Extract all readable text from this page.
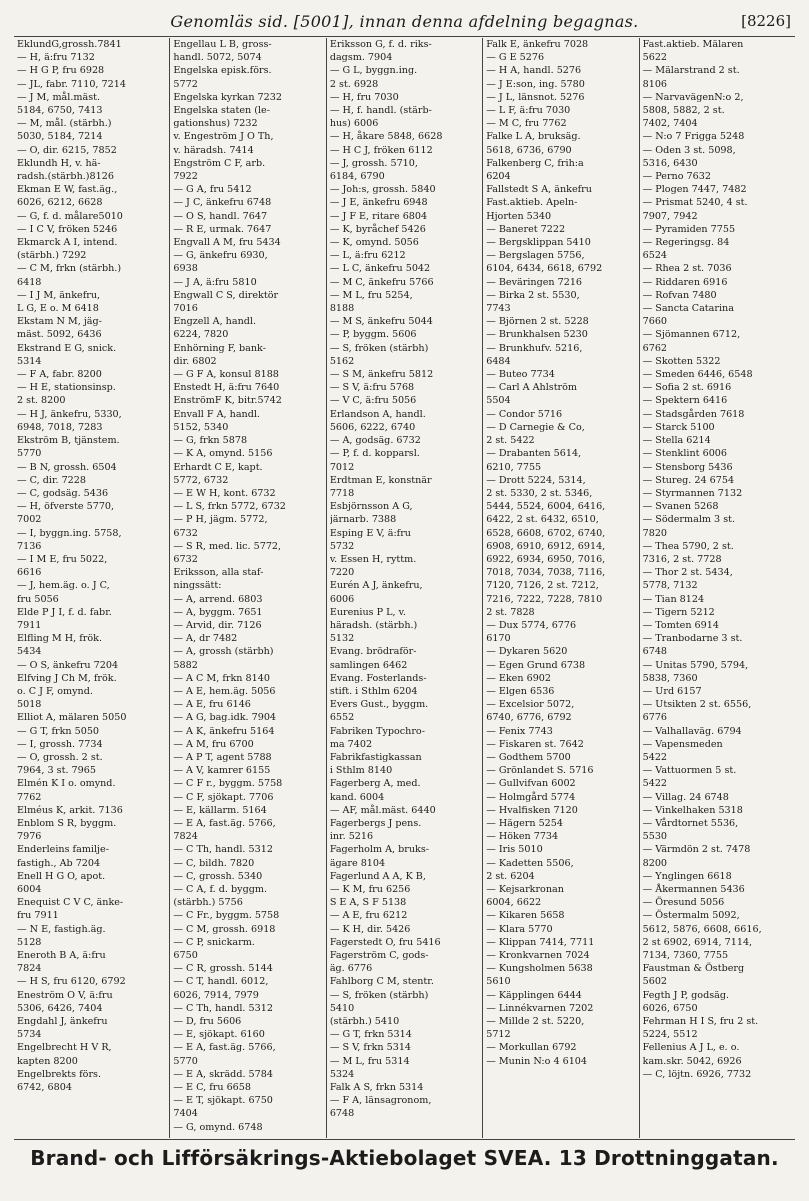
Genomläs sid. [5001], innan denna afdelning begagnas.	[8226]
EklundG,grossh.7841
— H, ä:fru 7132
— H G P, fru 6928
— JL, fabr. 7110, 7214
— J M, mål.mäst.
5184, 6750, 7413
— M, mål. (stärbh.)
5030, 5184, 7214
— O, dir. 6215, 7852
Eklundh H, v. hä-
radsh.(stärbh.)8126
Ekman E W, fast.äg.,
6026, 6212, 6628
— G, f. d. målare5010
— I C V, fröken 5246
Ekmarck A I, intend.
(stärbh.) 7292
— C M, frkn (stärbh.)
6418
— I J M, änkefru,
L G, E o. M 6418
Ekstam N M, jäg-
mäst. 5092, 6436
Ekstrand E G, snick.
5314
— F A, fabr. 8200
— H E, stationsinsp.
2 st. 8200
— H J, änkefru, 5330,
6948, 7018, 7283
Ekström B, tjänstem.
5770
— B N, grossh. 6504
— C, dir. 7228
— C, godsäg. 5436
— H, öfverste 5770,
7002
— I, byggn.ing. 5758,
7136
— I M E, fru 5022,
6616
— J, hem.äg. o. J C,
fru 5056
Elde P J I, f. d. fabr.
7911
Elfling M H, frök.
5434
— O S, änkefru 7204
Elfving J Ch M, frök.
o. C J F, omynd.
5018
Elliot A, mälaren 5050
— G T, frkn 5050
— I, grossh. 7734
— O, grossh. 2 st.
7964, 3 st. 7965
Elmén K I o. omynd.
7762
Elméus K, arkit. 7136
Enblom S R, byggm.
7976
Enderleins familje-
fastigh., Ab 7204
Enell H G O, apot.
6004
Enequist C V C, änke-
fru 7911
— N E, fastigh.äg.
5128
Eneroth B A, ä:fru
7824
— H S, fru 6120, 6792
Eneström O V, ä:fru
5306, 6426, 7404
Engdahl J, änkefru
5734
Engelbrecht H V R,
kapten 8200
Engelbrekts förs.
6742, 6804
Engellau L B, gross-
handl. 5072, 5074
Engelska episk.förs.
5772
Engelska kyrkan 7232
Engelska staten (le-
gationshus) 7232
v. Engeström J O Th,
v. häradsh. 7414
Engström C F, arb.
7922
— G A, fru 5412
— J C, änkefru 6748
— O S, handl. 7647
— R E, urmak. 7647
Engvall A M, fru 5434
— G, änkefru 6930,
6938
— J A, ä:fru 5810
Engwall C S, direktör
7016
Engzell A, handl.
6224, 7820
Enhörning F, bank-
dir. 6802
— G F A, konsul 8188
Enstedt H, ä:fru 7640
EnströmF K, bitr.5742
Envall F A, handl.
5152, 5340
— G, frkn 5878
— K A, omynd. 5156
Erhardt C E, kapt.
5772, 6732
— E W H, kont. 6732
— L S, frkn 5772, 6732
— P H, jägm. 5772,
6732
— S R, med. lic. 5772,
6732
Eriksson, alla staf-
ningssätt:
— A, arrend. 6803
— A, byggm. 7651
— Arvid, dir. 7126
— A, dr 7482
— A, grossh (stärbh)
5882
— A C M, frkn 8140
— A E, hem.äg. 5056
— A E, fru 6146
— A G, bag.idk. 7904
— A K, änkefru 5164
— A M, fru 6700
— A P T, agent 5788
— A V, kamrer 6155
— C F r., byggm. 5758
— C F, sjökapt. 7706
— E, källarm. 5164
— E A, fast.äg. 5766,
7824
— C Th, handl. 5312
— C, bildh. 7820
— C, grossh. 5340
— C A, f. d. byggm.
(stärbh.) 5756
— C Fr., byggm. 5758
— C M, grossh. 6918
— C P, snickarm.
6750
— C R, grossh. 5144
— C T, handl. 6012,
6026, 7914, 7979
— C Th, handl. 5312
— D, fru 5606
— E, sjökapt. 6160
— E A, fast.äg. 5766,
5770
— E A, skrädd. 5784
— E C, fru 6658
— E T, sjökapt. 6750
7404
— G, omynd. 6748
Eriksson G, f. d. riks-
dagsm. 7904
— G L, byggn.ing.
2 st. 6928
— H, fru 7030
— H, f. handl. (stärb-
hus) 6006
— H, åkare 5848, 6628
— H C J, fröken 6112
— J, grossh. 5710,
6184, 6790
— Joh:s, grossh. 5840
— J E, änkefru 6948
— J F E, ritare 6804
— K, byråchef 5426
— K, omynd. 5056
— L, ä:fru 6212
— L C, änkefru 5042
— M C, änkefru 5766
— M L, fru 5254,
8188
— M S, änkefru 5044
— P, byggm. 5606
— S, fröken (stärbh)
5162
— S M, änkefru 5812
— S V, ä:fru 5768
— V C, ä:fru 5056
Erlandson A, handl.
5606, 6222, 6740
— A, godsäg. 6732
— P, f. d. kopparsl.
7012
Erdtman E, konstnär
7718
Esbjörnsson A G,
järnarb. 7388
Esping E V, ä:fru
5732
v. Essen H, ryttm.
7220
Eurén A J, änkefru,
6006
Eurenius P L, v.
häradsh. (stärbh.)
5132
Evang. brödraför-
samlingen 6462
Evang. Fosterlands-
stift. i Sthlm 6204
Evers Gust., byggm.
6552
Fabriken Typochro-
ma 7402
Fabrikfastigkassan
i Sthlm 8140
Fagerberg A, med.
kand. 6004
— AF, mål.mäst. 6440
Fagerbergs J pens.
inr. 5216
Fagerholm A, bruks-
ägare 8104
Fagerlund A A, K B,
— K M, fru 6256
S E A, S F 5138
— A E, fru 6212
— K H, dir. 5426
Fagerstedt O, fru 5416
Fagerström C, gods-
äg. 6776
Fahlborg C M, stentr.
— S, fröken (stärbh)
5410
(stärbh.) 5410
— G T, frkn 5314
— S V, frkn 5314
— M L, fru 5314
5324
Falk A S, frkn 5314
— F A, länsagronom,
6748
Falk E, änkefru 7028
— G E 5276
— H A, handl. 5276
— J E:son, ing. 5780
— J L, länsnot. 5276
— L F, ä:fru 7030
— M C, fru 7762
Falke L A, bruksäg.
5618, 6736, 6790
Falkenberg C, frih:a
6204
Fallstedt S A, änkefru
Fast.aktieb. Apeln-
Hjorten 5340
— Baneret 7222
— Bergsklippan 5410
— Bergslagen 5756,
6104, 6434, 6618, 6792
— Beväringen 7216
— Birka 2 st. 5530,
7743
— Björnen 2 st. 5228
— Brunkhalsen 5230
— Brunkhufv. 5216,
6484
— Buteo 7734
— Carl A Ahlström
5504
— Condor 5716
— D Carnegie & Co,
2 st. 5422
— Drabanten 5614,
6210, 7755
— Drott 5224, 5314,
2 st. 5330, 2 st. 5346,
5444, 5524, 6004, 6416,
6422, 2 st. 6432, 6510,
6528, 6608, 6702, 6740,
6908, 6910, 6912, 6914,
6922, 6934, 6950, 7016,
7018, 7034, 7038, 7116,
7120, 7126, 2 st. 7212,
7216, 7222, 7228, 7810
2 st. 7828
— Dux 5774, 6776
6170
— Dykaren 5620
— Egen Grund 6738
— Eken 6902
— Elgen 6536
— Excelsior 5072,
6740, 6776, 6792
— Fenix 7743
— Fiskaren st. 7642
— Godthem 5700
— Grönlandet S. 5716
— Gullvifvan 6002
— Holmgård 5774
— Hvalfisken 7120
— Hägern 5254
— Höken 7734
— Iris 5010
— Kadetten 5506,
2 st. 6204
— Kejsarkronan
6004, 6622
— Kikaren 5658
— Klara 5770
— Klippan 7414, 7711
— Kronkvarnen 7024
— Kungsholmen 5638
5610
— Käpplingen 6444
— Linnékvarnen 7202
— Millde 2 st. 5220,
5712
— Morkullan 6792
— Munin N:o 4 6104
Fast.aktieb. Mälaren
5622
— Mälarstrand 2 st.
8106
— NarvavägenN:o 2,
5808, 5882, 2 st.
7402, 7404
— N:o 7 Frigga 5248
— Oden 3 st. 5098,
5316, 6430
— Perno 7632
— Plogen 7447, 7482
— Prismat 5240, 4 st.
7907, 7942
— Pyramiden 7755
— Regeringsg. 84
6524
— Rhea 2 st. 7036
— Riddaren 6916
— Rofvan 7480
— Sancta Catarina
7660
— Sjömannen 6712,
6762
— Skotten 5322
— Smeden 6446, 6548
— Sofia 2 st. 6916
— Spektern 6416
— Stadsgården 7618
— Starck 5100
— Stella 6214
— Stenklint 6006
— Stensborg 5436
— Stureg. 24 6754
— Styrmannen 7132
— Svanen 5268
— Södermalm 3 st.
7820
— Thea 5790, 2 st.
7316, 2 st. 7728
— Thor 2 st. 5434,
5778, 7132
— Tian 8124
— Tigern 5212
— Tomten 6914
— Tranbodarne 3 st.
6748
— Unitas 5790, 5794,
5838, 7360
— Urd 6157
— Utsikten 2 st. 6556,
6776
— Valhallaväg. 6794
— Vapensmeden
5422
— Vattuormen 5 st.
5422
— Villag. 24 6748
— Vinkelhaken 5318
— Vårdtornet 5536,
5530
— Värmdön 2 st. 7478
8200
— Ynglingen 6618
— Åkermannen 5436
— Öresund 5056
— Östermalm 5092,
5612, 5876, 6608, 6616,
2 st 6902, 6914, 7114,
7134, 7360, 7755
Faustman & Östberg
5602
Fegth J P, godsäg.
6026, 6750
Fehrman H I S, fru 2 st.
5224, 5512
Fellenius A J L, e. o.
kam.skr. 5042, 6926
— C, löjtn. 6926, 7732
Brand- och Lifförsäkrings-Aktiebolaget SVEA. 13 Drottninggatan.
